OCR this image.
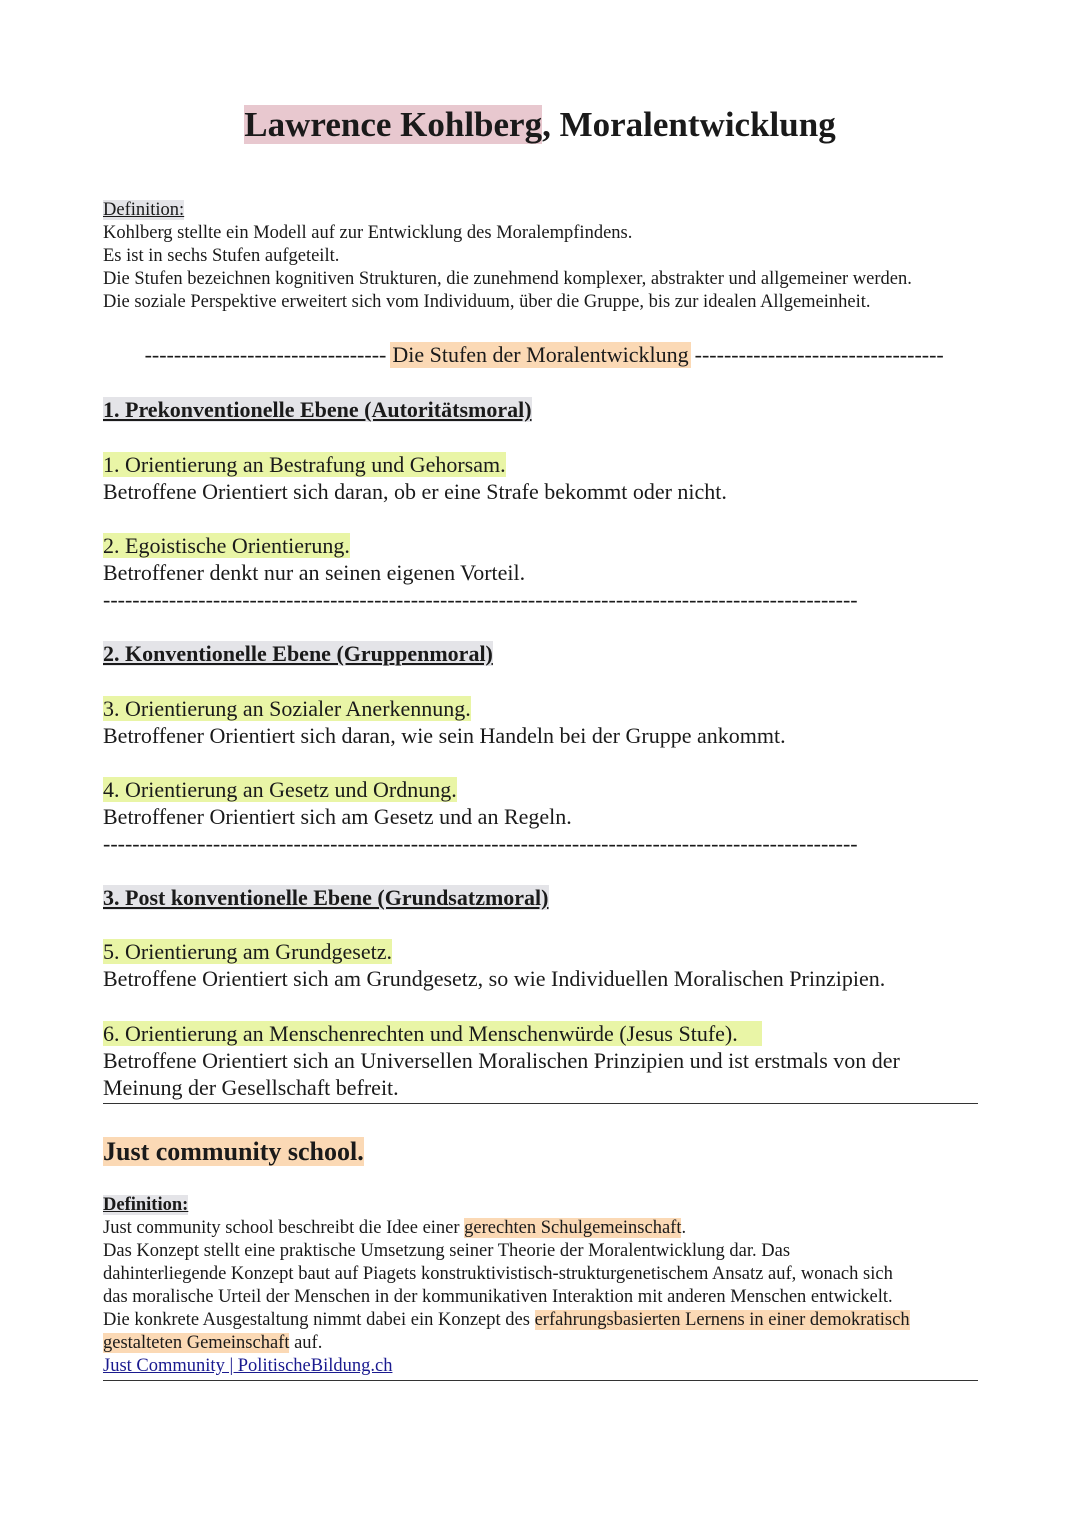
Lawrence Kohlberg, Moralentwicklung
Definition:
Kohlberg stellte ein Modell auf zur Entwicklung des Moralempfindens.
Es ist in sechs Stufen aufgeteilt.
Die Stufen bezeichnen kognitiven Strukturen, die zunehmend komplexer, abstrakter und allgemeiner werden.
Die soziale Perspektive erweitert sich vom Individuum, über die Gruppe, bis zur idealen Allgemeinheit.
--------------------------------- Die Stufen der Moralentwicklung ----------------------------------
1. Prekonventionelle Ebene (Autoritätsmoral)
1. Orientierung an Bestrafung und Gehorsam.
Betroffene Orientiert sich daran, ob er eine Strafe bekommt oder nicht.
2. Egoistische Orientierung.
Betroffener denkt nur an seinen eigenen Vorteil.
-------------------------------------------------------------------------------------------------------
2. Konventionelle Ebene (Gruppenmoral)
3. Orientierung an Sozialer Anerkennung.
Betroffener Orientiert sich daran, wie sein Handeln bei der Gruppe ankommt.
4. Orientierung an Gesetz und Ordnung.
Betroffener Orientiert sich am Gesetz und an Regeln.
-------------------------------------------------------------------------------------------------------
3. Post konventionelle Ebene (Grundsatzmoral)
5. Orientierung am Grundgesetz.
Betroffene Orientiert sich am Grundgesetz, so wie Individuellen Moralischen Prinzipien.
6. Orientierung an Menschenrechten und Menschenwürde (Jesus Stufe).
Betroffene Orientiert sich an Universellen Moralischen Prinzipien und ist erstmals von der
Meinung der Gesellschaft befreit.
Just community school.
Definition:
Just community school beschreibt die Idee einer gerechten Schulgemeinschaft.
Das Konzept stellt eine praktische Umsetzung seiner Theorie der Moralentwicklung dar. Das
dahinterliegende Konzept baut auf Piagets konstruktivistisch-strukturgenetischem Ansatz auf, wonach sich
das moralische Urteil der Menschen in der kommunikativen Interaktion mit anderen Menschen entwickelt.
Die konkrete Ausgestaltung nimmt dabei ein Konzept des erfahrungsbasierten Lernens in einer demokratisch
gestalteten Gemeinschaft auf.
Just Community | PolitischeBildung.ch
